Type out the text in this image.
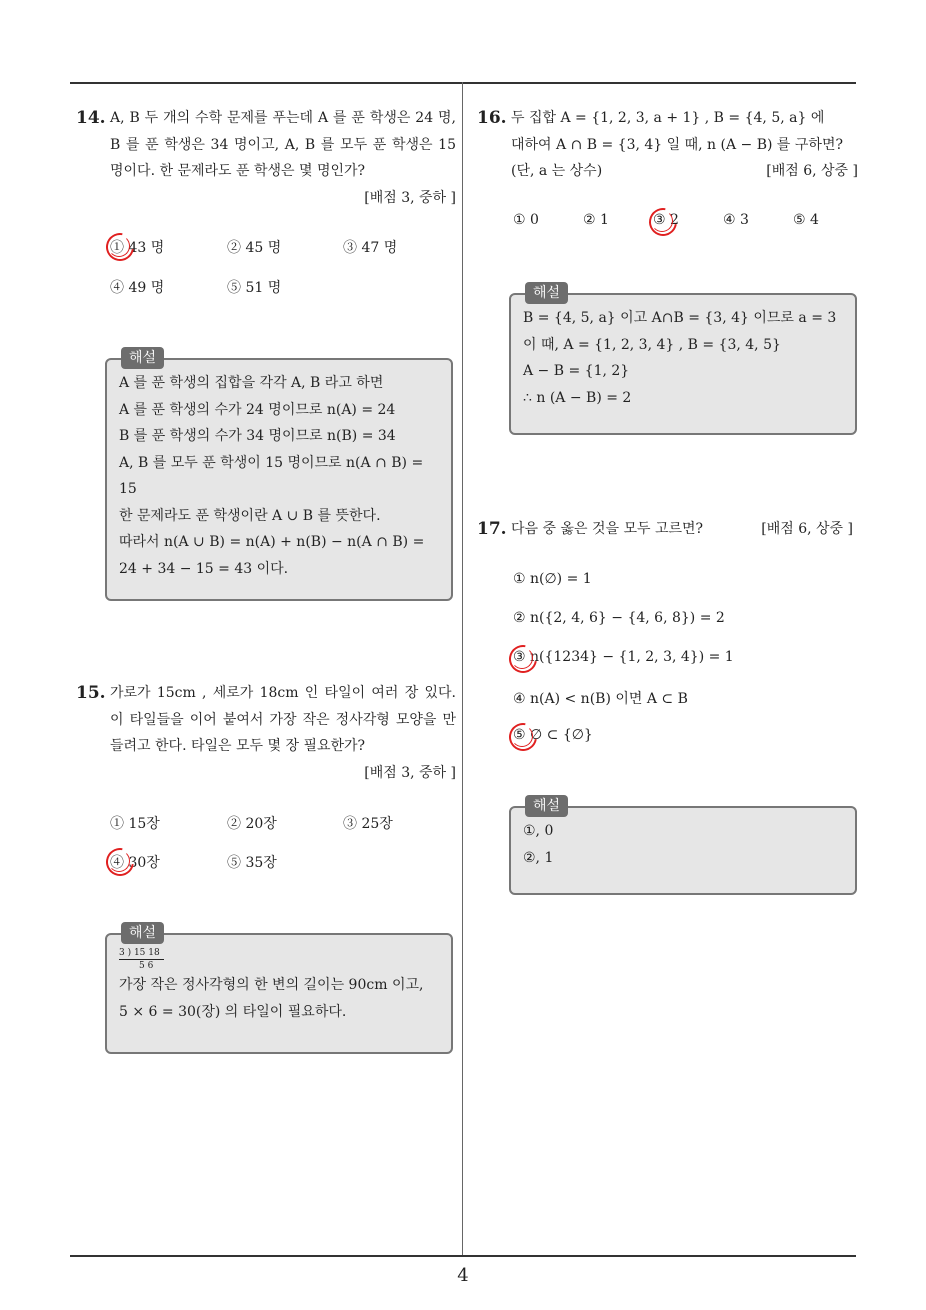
14. A, B 두 개의 수학 문제를 푸는데 A 를 푼 학생은 24 명, B 를 푼 학생은 34 명이고, A, B 를 모두 푼 학생은 15 명이다. 한 문제라도 푼 학생은 몇 명인가?
[배점 3, 중하 ]
① 43 명	② 45 명	③ 47 명
④ 49 명	⑤ 51 명
해설
A 를 푼 학생의 집합을 각각 A, B 라고 하면
A 를 푼 학생의 수가 24 명이므로 n(A) = 24
B 를 푼 학생의 수가 34 명이므로 n(B) = 34
A, B 를 모두 푼 학생이 15 명이므로 n(A ∩ B) =
15
한 문제라도 푼 학생이란 A ∪ B 를 뜻한다.
따라서 n(A ∪ B) = n(A) + n(B) − n(A ∩ B) =
24 + 34 − 15 = 43 이다.
15. 가로가 15cm , 세로가 18cm 인 타일이 여러 장 있다. 이 타일들을 이어 붙여서 가장 작은 정사각형 모양을 만들려고 한다. 타일은 모두 몇 장 필요한가?
[배점 3, 중하 ]
① 15장	② 20장	③ 25장
④ 30장	⑤ 35장
해설
3 ) 15 18
5 6
가장 작은 정사각형의 한 변의 길이는 90cm 이고,
5 × 6 = 30(장) 의 타일이 필요하다.
16. 두 집합 A = {1, 2, 3, a + 1} , B = {4, 5, a} 에
대하여 A ∩ B = {3, 4} 일 때, n (A − B) 를 구하면?
(단, a 는 상수)	[배점 6, 상중 ]
① 0	② 1	③ 2	④ 3	⑤ 4
해설
B = {4, 5, a} 이고 A∩B = {3, 4} 이므로 a = 3
이 때, A = {1, 2, 3, 4} , B = {3, 4, 5}
A − B = {1, 2}
∴ n (A − B) = 2
17. 다음 중 옳은 것을 모두 고르면?	[배점 6, 상중 ]
① n(∅) = 1
② n({2, 4, 6} − {4, 6, 8}) = 2
③ n({1234} − {1, 2, 3, 4}) = 1
④ n(A) < n(B) 이면 A ⊂ B
⑤ ∅ ⊂ {∅}
해설
①, 0
②, 1
4
